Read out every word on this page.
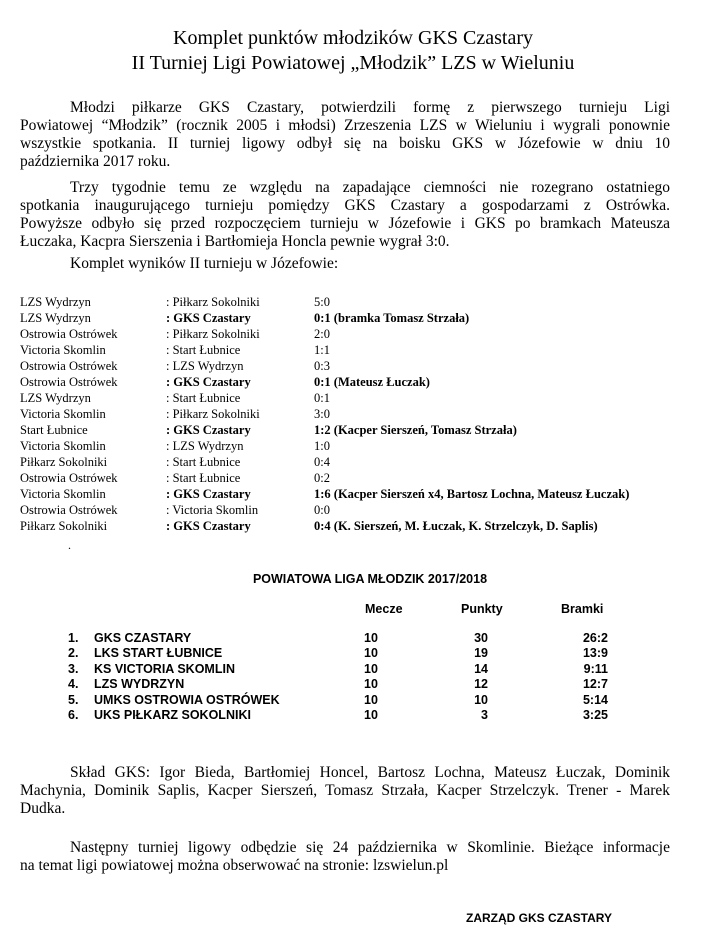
Komplet punktów młodzików GKS Czastary
II Turniej Ligi Powiatowej „Młodzik” LZS w Wieluniu
Młodzi piłkarze GKS Czastary, potwierdzili formę z pierwszego turnieju Ligi
Powiatowej “Młodzik” (rocznik 2005 i młodsi) Zrzeszenia LZS w Wieluniu i wygrali ponownie
wszystkie spotkania. II turniej ligowy odbył się na boisku GKS w Józefowie w dniu 10
października 2017 roku.
Trzy tygodnie temu ze względu na zapadające ciemności nie rozegrano ostatniego
spotkania inaugurującego turnieju pomiędzy GKS Czastary a gospodarzami z Ostrówka.
Powyższe odbyło się przed rozpoczęciem turnieju w Józefowie i GKS po bramkach Mateusza
Łuczaka, Kacpra Sierszenia i Bartłomieja Honcla pewnie wygrał 3:0.
Komplet wyników II turnieju w Józefowie:
LZS Wydrzyn	: Piłkarz Sokolniki	5:0
LZS Wydrzyn	: GKS Czastary	0:1 (bramka Tomasz Strzała)
Ostrowia Ostrówek	: Piłkarz Sokolniki	2:0
Victoria Skomlin	: Start Łubnice	1:1
Ostrowia Ostrówek	: LZS Wydrzyn	0:3
Ostrowia Ostrówek	: GKS Czastary	0:1 (Mateusz Łuczak)
LZS Wydrzyn	: Start Łubnice	0:1
Victoria Skomlin	: Piłkarz Sokolniki	3:0
Start Łubnice	: GKS Czastary	1:2 (Kacper Sierszeń, Tomasz Strzała)
Victoria Skomlin	: LZS Wydrzyn	1:0
Piłkarz Sokolniki	: Start Łubnice	0:4
Ostrowia Ostrówek	: Start Łubnice	0:2
Victoria Skomlin	: GKS Czastary	1:6 (Kacper Sierszeń x4, Bartosz Lochna, Mateusz Łuczak)
Ostrowia Ostrówek	: Victoria Skomlin	0:0
Piłkarz Sokolniki	: GKS Czastary	0:4 (K. Sierszeń, M. Łuczak, K. Strzelczyk, D. Saplis)
.
POWIATOWA LIGA MŁODZIK 2017/2018
Mecze	Punkty	Bramki
1. GKS CZASTARY	10	30	26:2
2. LKS START ŁUBNICE	10	19	13:9
3. KS VICTORIA SKOMLIN	10	14	9:11
4. LZS WYDRZYN	10	12	12:7
5. UMKS OSTROWIA OSTRÓWEK	10	10	5:14
6. UKS PIŁKARZ SOKOLNIKI	10	3	3:25
Skład GKS: Igor Bieda, Bartłomiej Honcel, Bartosz Lochna, Mateusz Łuczak, Dominik
Machynia, Dominik Saplis, Kacper Sierszeń, Tomasz Strzała, Kacper Strzelczyk. Trener - Marek
Dudka.
Następny turniej ligowy odbędzie się 24 października w Skomlinie. Bieżące informacje
na temat ligi powiatowej można obserwować na stronie: lzswielun.pl
ZARZĄD GKS CZASTARY
